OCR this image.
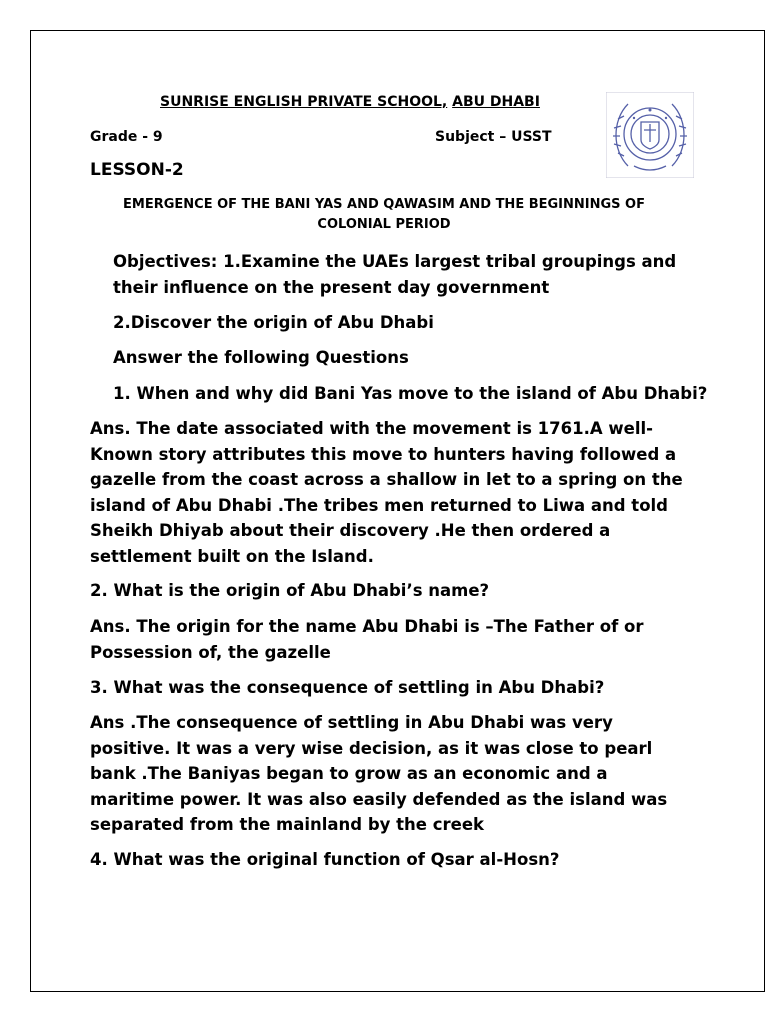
SUNRISE ENGLISH PRIVATE SCHOOL, ABU DHABI
Grade - 9	Subject – USST
LESSON-2
EMERGENCE OF THE BANI YAS AND QAWASIM AND THE BEGINNINGS OF COLONIAL PERIOD
Objectives: 1.Examine the UAEs largest tribal groupings and their influence on the present day government
2.Discover the origin of Abu Dhabi
Answer the following Questions
1. When and why did Bani Yas move to the island of Abu Dhabi?
Ans. The date associated with the movement is 1761.A well-Known story attributes this move to hunters having followed a gazelle from the coast across a shallow in let to a spring on the island of Abu Dhabi .The tribes men returned to Liwa and told Sheikh Dhiyab about their discovery .He then ordered a settlement built on the Island.
2. What is the origin of Abu Dhabi’s name?
Ans. The origin for the name Abu Dhabi is –The Father of or Possession of, the gazelle
3. What was the consequence of settling in Abu Dhabi?
Ans .The consequence of settling in Abu Dhabi was very positive. It was a very wise decision, as it was close to pearl bank .The Baniyas began to grow as an economic and a maritime power. It was also easily defended as the island was separated from the mainland by the creek
4. What was the original function of Qsar al-Hosn?
